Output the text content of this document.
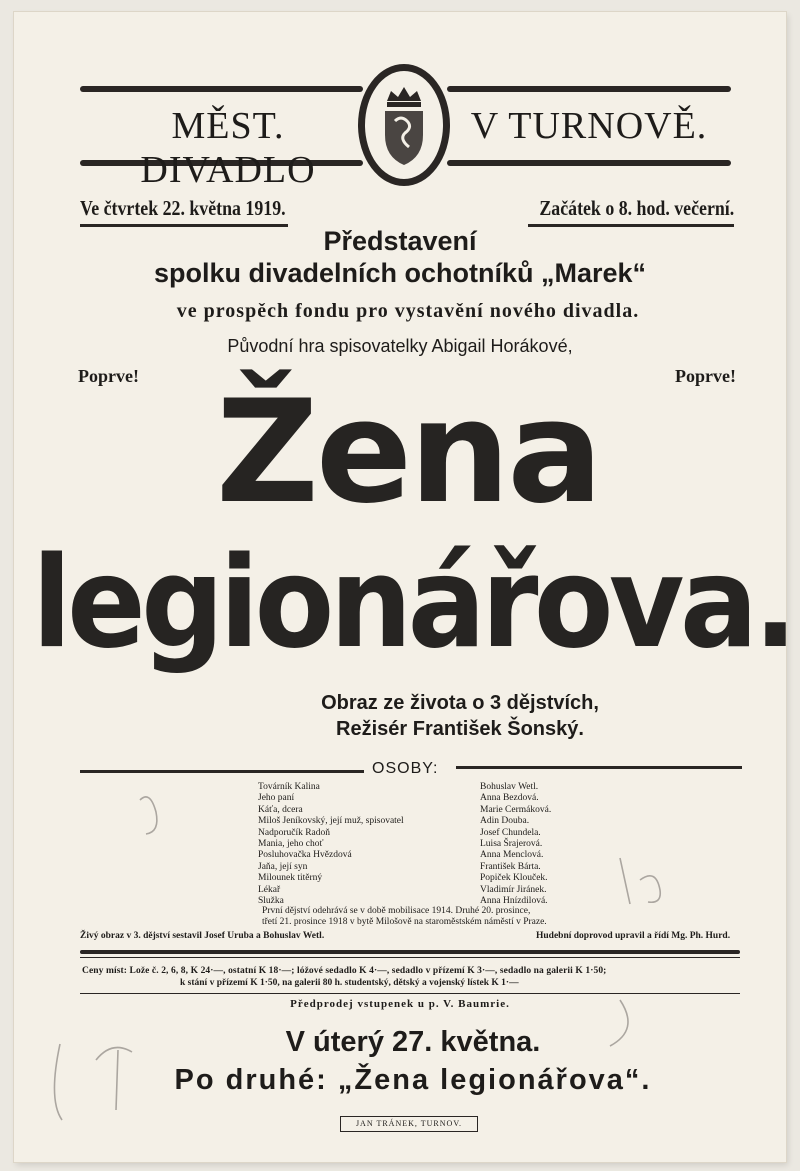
MĚST. DIVADLO
V TURNOVĚ.
Ve čtvrtek 22. května 1919.	Začátek o 8. hod. večerní.
Představení
spolku divadelních ochotníků „Marek“
ve prospěch fondu pro vystavění nového divadla.
Původní hra spisovatelky Abigail Horákové,
Poprve!	Poprve!
Žena
legionářova.
Obraz ze života o 3 dějstvích,
Režisér František Šonský.
OSOBY:
Továrník Kalina	Bohuslav Wetl.
Jeho paní	Anna Bezdová.
Káťa, dcera	Marie Cermáková.
Miloš Jeníkovský, její muž, spisovatel	Adin Douba.
Nadporučík Radoň	Josef Chundela.
Mania, jeho choť	Luisa Šrajerová.
Posluhovačka Hvězdová	Anna Menclová.
Jaňa, její syn	František Bárta.
Milounek titěrný	Popiček Klouček.
Lékař	Vladimír Jiránek.
Služka	Anna Hnízdilová.
První dějství odehrává se v době mobilisace 1914. Druhé 20. prosince,
třetí 21. prosince 1918 v bytě Milošově na staroměstském náměstí v Praze.
Živý obraz v 3. dějství sestavil Josef Uruba a Bohuslav Wetl.	Hudební doprovod upravil a řídí Mg. Ph. Hurd.
Ceny míst: Lože č. 2, 6, 8, K 24·—, ostatní K 18·—; lóžové sedadlo K 4·—, sedadlo v přízemí K 3·—, sedadlo na galerii K 1·50;
k stání v přízemí K 1·50, na galerii 80 h. studentský, dětský a vojenský lístek K 1·—
Předprodej vstupenek u p. V. Baumrie.
V úterý 27. května.
Po druhé: „Žena legionářova“.
JAN TRÁNEK, TURNOV.
